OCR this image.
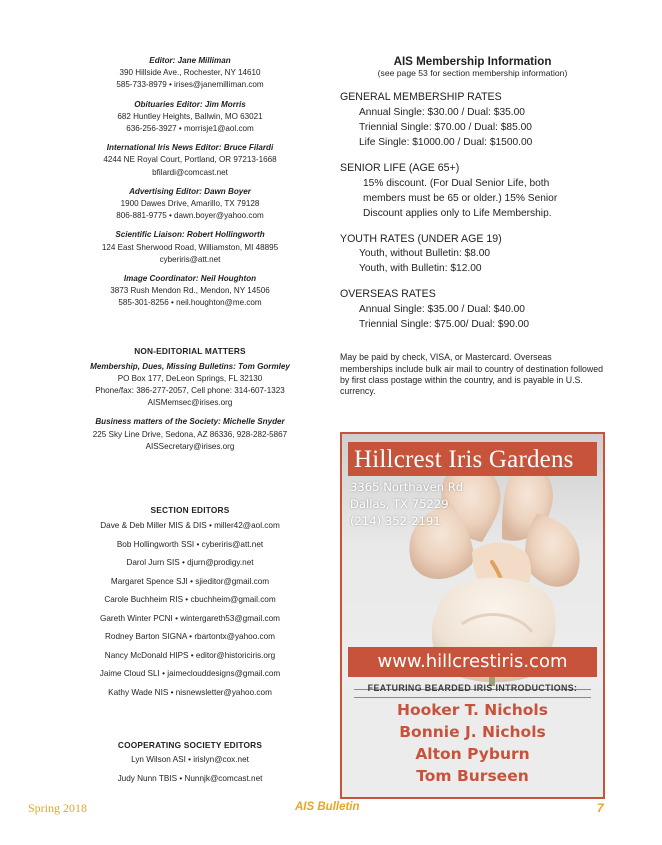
Editor: Jane Milliman
390 Hillside Ave., Rochester, NY 14610
585-733-8979 • irises@janemilliman.com
Obituaries Editor: Jim Morris
682 Huntley Heights, Ballwin, MO 63021
636-256-3927 • morrisje1@aol.com
International Iris News Editor: Bruce Filardi
4244 NE Royal Court, Portland, OR 97213-1668
bfilardi@comcast.net
Advertising Editor: Dawn Boyer
1900 Dawes Drive, Amarillo, TX 79128
806-881-9775 • dawn.boyer@yahoo.com
Scientific Liaison: Robert Hollingworth
124 East Sherwood Road, Williamston, MI 48895
cyberiris@att.net
Image Coordinator: Neil Houghton
3873 Rush Mendon Rd., Mendon, NY 14506
585-301-8256 • neil.houghton@me.com
NON-EDITORIAL MATTERS
Membership, Dues, Missing Bulletins: Tom Gormley
PO Box 177, DeLeon Springs, FL 32130
Phone/fax: 386-277-2057, Cell phone: 314-607-1323
AISMemsec@irises.org
Business matters of the Society: Michelle Snyder
225 Sky Line Drive, Sedona, AZ 86336, 928-282-5867
AISSecretary@irises.org
SECTION EDITORS
Dave & Deb Miller MIS & DIS • miller42@aol.com
Bob Hollingworth SSI • cyberiris@att.net
Darol Jurn SIS • djurn@prodigy.net
Margaret Spence SJI • sjieditor@gmail.com
Carole Buchheim RIS • cbuchheim@gmail.com
Gareth Winter PCNI • wintergareth53@gmail.com
Rodney Barton SIGNA • rbartontx@yahoo.com
Nancy McDonald HIPS • editor@historiciris.org
Jaime Cloud SLI • jaimeclouddesigns@gmail.com
Kathy Wade NIS • nisnewsletter@yahoo.com
COOPERATING SOCIETY EDITORS
Lyn Wilson ASI • irislyn@cox.net
Judy Nunn TBIS • Nunnjk@comcast.net
AIS Membership Information
(see page 53 for section membership information)
GENERAL MEMBERSHIP RATES
Annual Single: $30.00 / Dual: $35.00
Triennial Single: $70.00 / Dual: $85.00
Life Single: $1000.00 / Dual: $1500.00
SENIOR LIFE (AGE 65+)
15% discount. (For Dual Senior Life, both
members must be 65 or older.) 15% Senior
Discount applies only to Life Membership.
YOUTH RATES (UNDER AGE 19)
Youth, without Bulletin: $8.00
Youth, with Bulletin: $12.00
OVERSEAS RATES
Annual Single: $35.00 / Dual: $40.00
Triennial Single: $75.00/ Dual: $90.00
May be paid by check, VISA, or Mastercard. Overseas memberships include bulk air mail to country of destination followed by first class postage within the country, and is payable in U.S. currency.
Hillcrest Iris Gardens
3365 Northaven Rd
Dallas, TX 75229
(214) 352-2191
www.hillcrestiris.com
FEATURING BEARDED IRIS INTRODUCTIONS:
Hooker T. Nichols
Bonnie J. Nichols
Alton Pyburn
Tom Burseen
Spring 2018	AIS Bulletin	7
